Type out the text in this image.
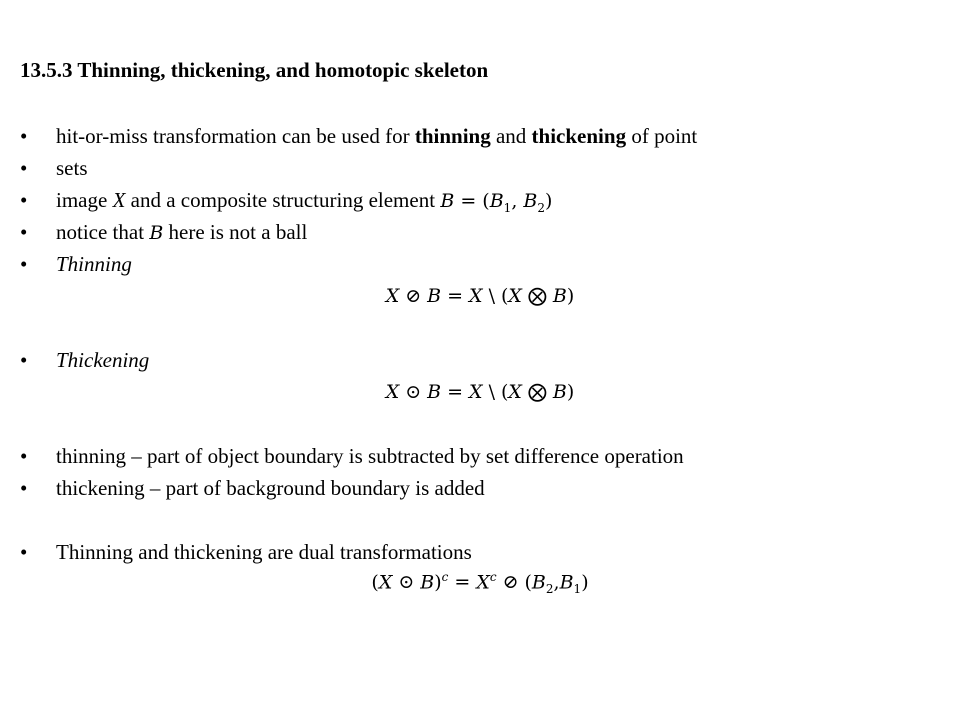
13.5.3 Thinning, thickening, and homotopic skeleton
• hit-or-miss transformation can be used for thinning and thickening of point
• sets
• image X and a composite structuring element $B = (B_1$, $B_2$)
• notice that B here is not a ball
• Thinning
X ⊘ B = X \ (X ⨂ B)
• Thickening
X ⊙ B = X \ (X ⨂ B)
• thinning – part of object boundary is subtracted by set difference operation
• thickening – part of background boundary is added
• Thinning and thickening are dual transformations
(X ⊙ $B)^c = X^c$ ⊘ $(B_2,B_1)$
